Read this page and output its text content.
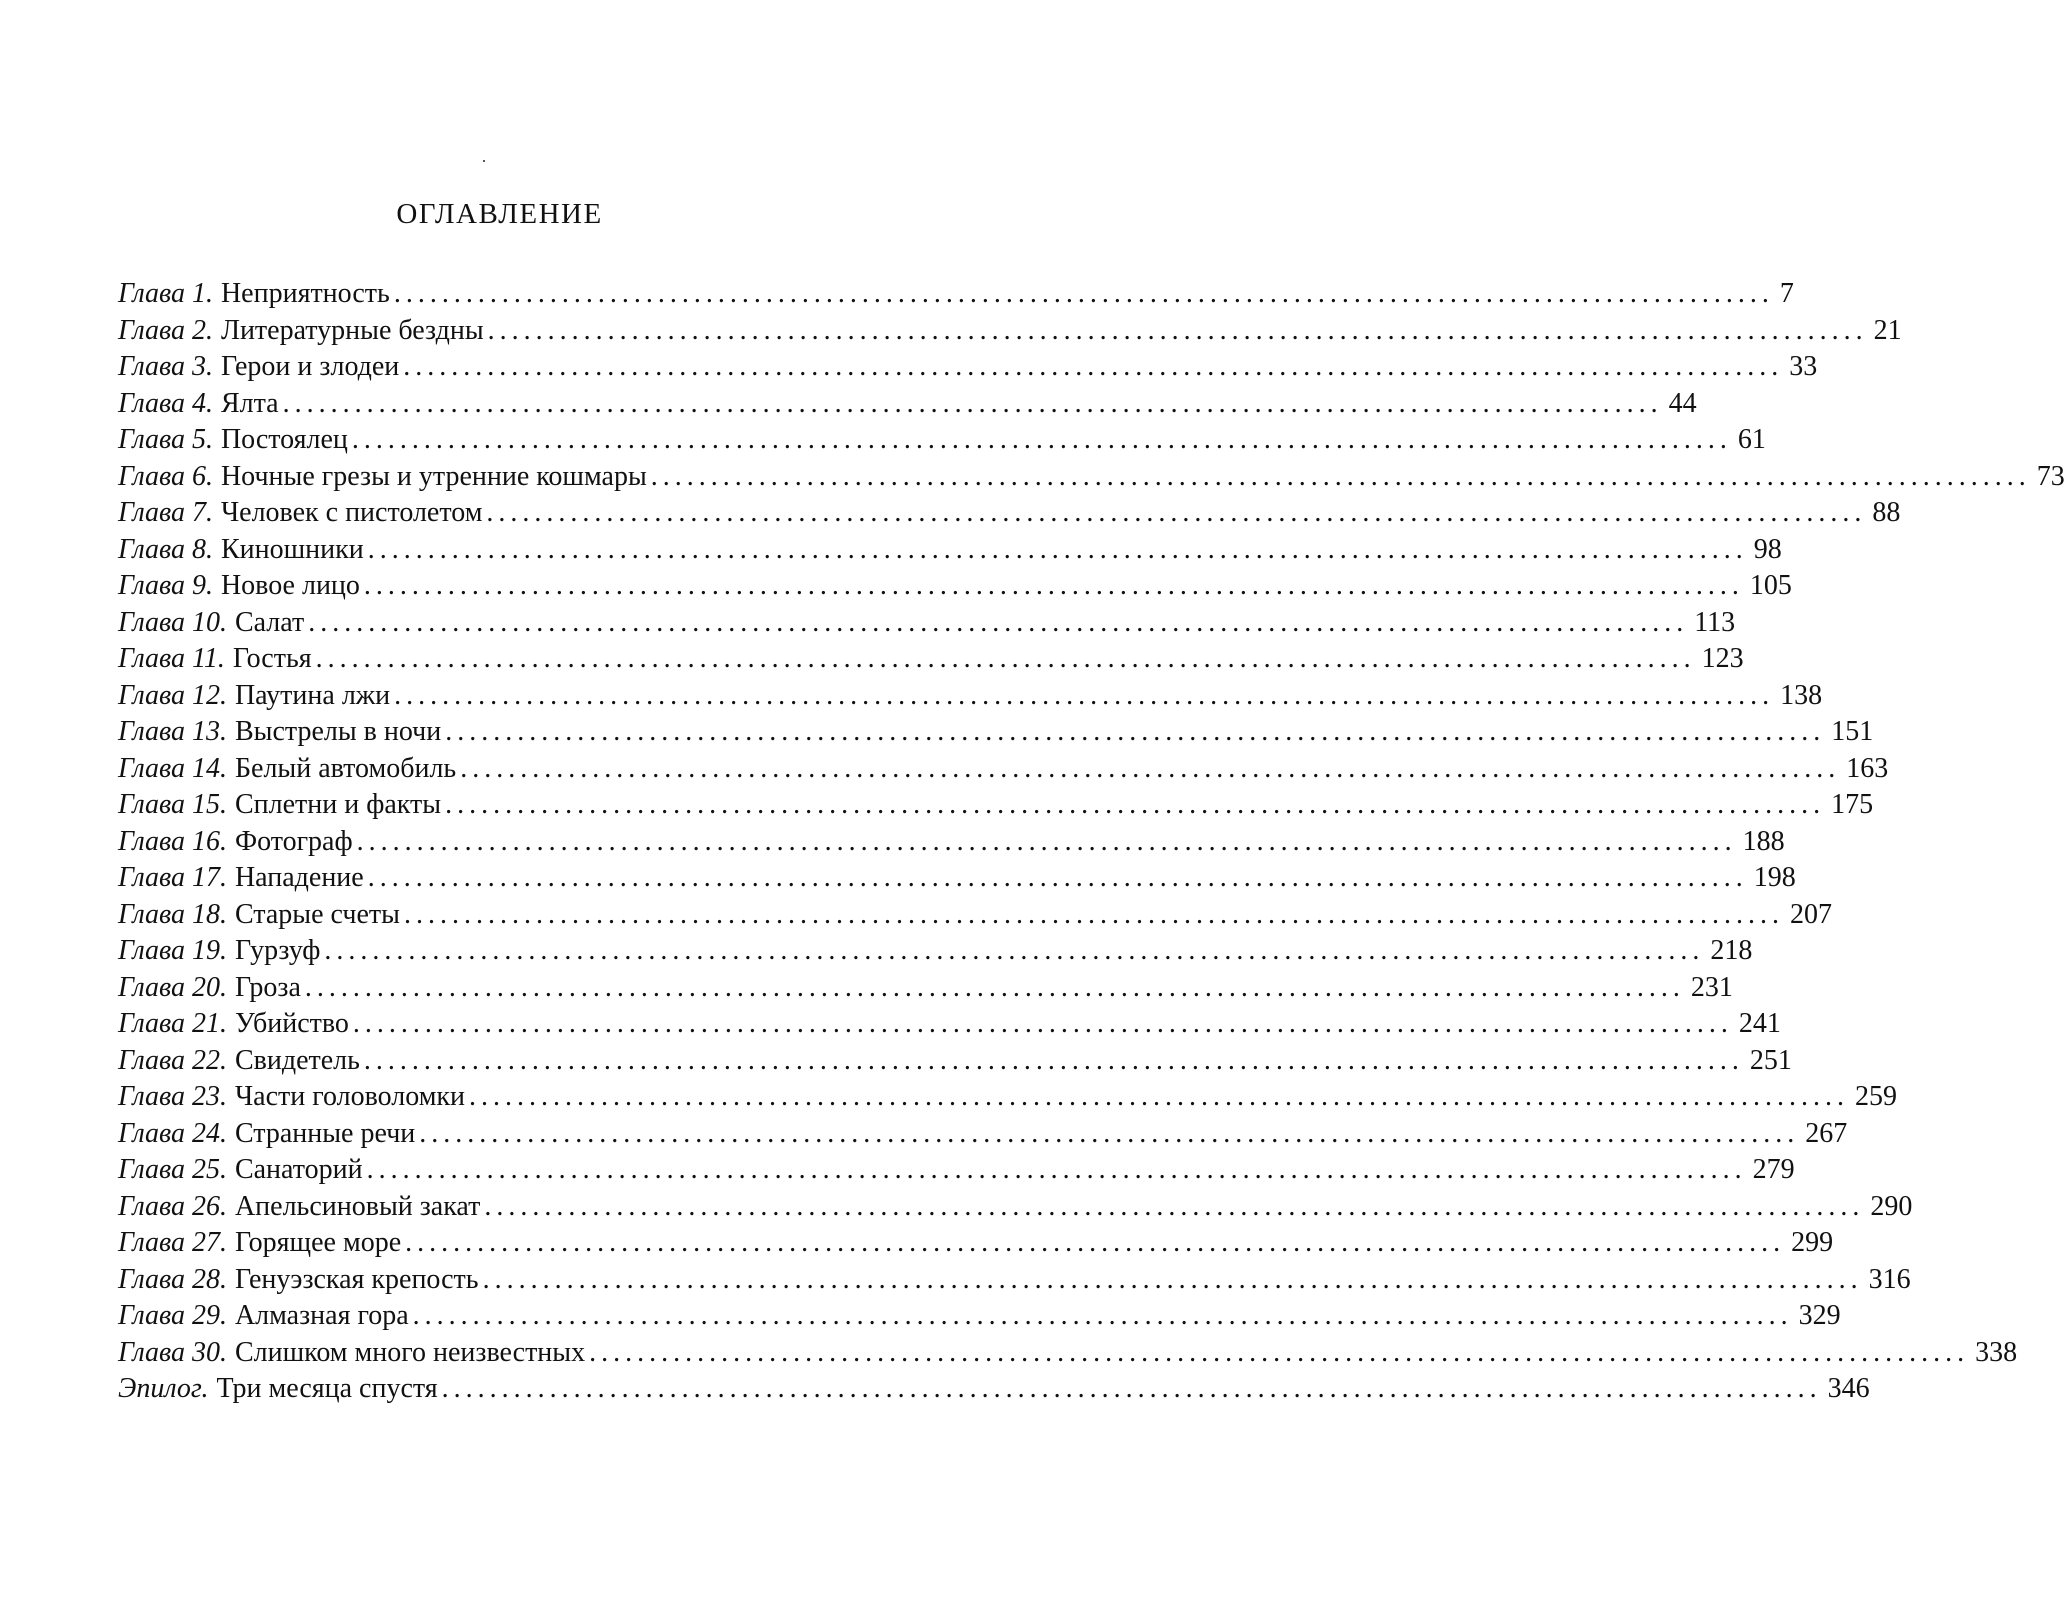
ОГЛАВЛЕНИЕ
Глава 1. Неприятность ................................................................................................................... 7
Глава 2. Литературные бездны ................................................................................................................... 21
Глава 3. Герои и злодеи ................................................................................................................... 33
Глава 4. Ялта ................................................................................................................... 44
Глава 5. Постоялец ................................................................................................................... 61
Глава 6. Ночные грезы и утренние кошмары ................................................................................................................... 73
Глава 7. Человек с пистолетом ................................................................................................................... 88
Глава 8. Киношники ................................................................................................................... 98
Глава 9. Новое лицо ................................................................................................................... 105
Глава 10. Салат ................................................................................................................... 113
Глава 11. Гостья ................................................................................................................... 123
Глава 12. Паутина лжи ................................................................................................................... 138
Глава 13. Выстрелы в ночи ................................................................................................................... 151
Глава 14. Белый автомобиль ................................................................................................................... 163
Глава 15. Сплетни и факты ................................................................................................................... 175
Глава 16. Фотограф ................................................................................................................... 188
Глава 17. Нападение ................................................................................................................... 198
Глава 18. Старые счеты ................................................................................................................... 207
Глава 19. Гурзуф ................................................................................................................... 218
Глава 20. Гроза ................................................................................................................... 231
Глава 21. Убийство ................................................................................................................... 241
Глава 22. Свидетель ................................................................................................................... 251
Глава 23. Части головоломки ................................................................................................................... 259
Глава 24. Странные речи ................................................................................................................... 267
Глава 25. Санаторий ................................................................................................................... 279
Глава 26. Апельсиновый закат ................................................................................................................... 290
Глава 27. Горящее море ................................................................................................................... 299
Глава 28. Генуэзская крепость ................................................................................................................... 316
Глава 29. Алмазная гора ................................................................................................................... 329
Глава 30. Слишком много неизвестных ................................................................................................................... 338
Эпилог. Три месяца спустя ................................................................................................................... 346
